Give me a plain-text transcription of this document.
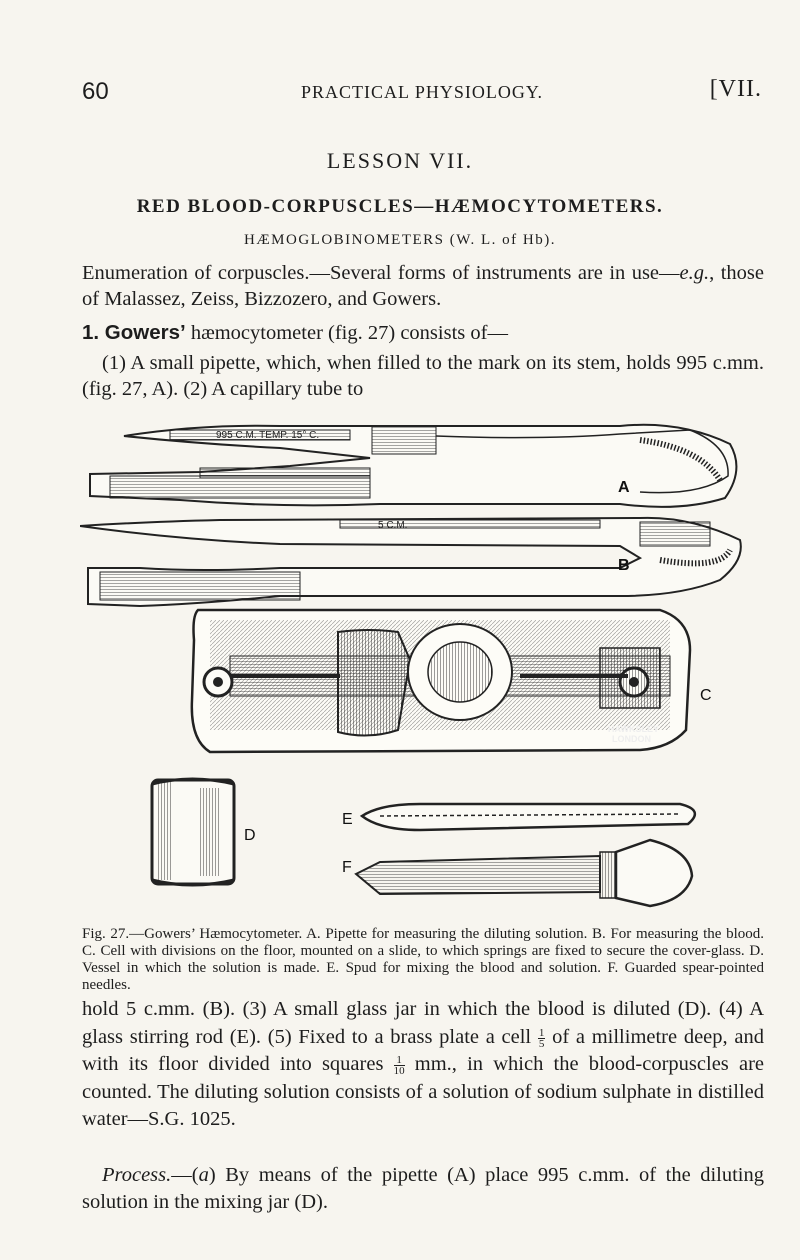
60	PRACTICAL PHYSIOLOGY.	[VII.
LESSON VII.
RED BLOOD-CORPUSCLES—HÆMOCYTOMETERS.
HÆMOGLOBINOMETERS (W. L. of Hb).
Enumeration of corpuscles.—Several forms of instruments are in use—e.g., those of Malassez, Zeiss, Bizzozero, and Gowers.
1. Gowers’ hæmocytometer (fig. 27) consists of—
(1) A small pipette, which, when filled to the mark on its stem, holds 995 c.mm. (fig. 27, A). (2) A capillary tube to
995 C.M. TEMP. 15° C.
A
5 C.M.
B
HAWKSLEY
LONDON
C
D
E
F
Fig. 27.—Gowers’ Hæmocytometer. A. Pipette for measuring the diluting solution. B. For measuring the blood. C. Cell with divisions on the floor, mounted on a slide, to which springs are fixed to secure the cover-glass. D. Vessel in which the solution is made. E. Spud for mixing the blood and solution. F. Guarded spear-pointed needles.
hold 5 c.mm. (B). (3) A small glass jar in which the blood is diluted (D). (4) A glass stirring rod (E). (5) Fixed to a brass plate a cell $\frac{1}{5}$ of a millimetre deep, and with its floor divided into squares $\frac{1}{10}$ mm., in which the blood-corpuscles are counted. The diluting solution consists of a solution of sodium sulphate in distilled water—S.G. 1025.
Process.—(a) By means of the pipette (A) place 995 c.mm. of the diluting solution in the mixing jar (D).
